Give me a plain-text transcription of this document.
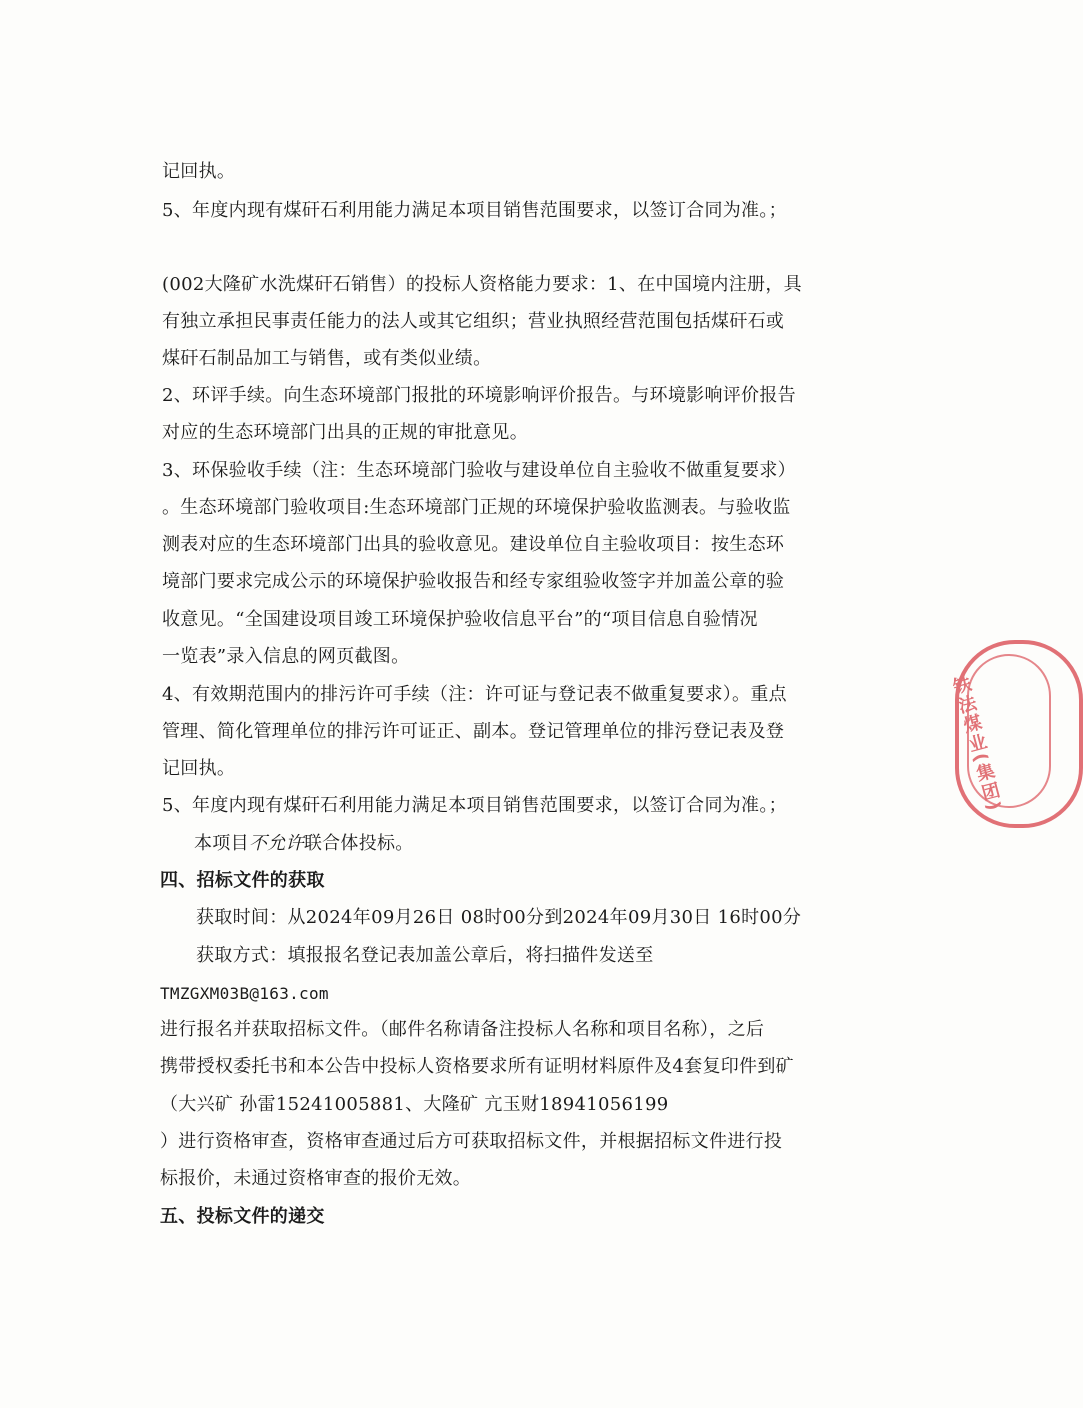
记回执。
5、年度内现有煤矸石利用能力满足本项目销售范围要求，以签订合同为准。；
(002大隆矿水洗煤矸石销售）的投标人资格能力要求：1、在中国境内注册，具
有独立承担民事责任能力的法人或其它组织；营业执照经营范围包括煤矸石或
煤矸石制品加工与销售，或有类似业绩。
2、环评手续。向生态环境部门报批的环境影响评价报告。与环境影响评价报告
对应的生态环境部门出具的正规的审批意见。
3、环保验收手续（注：生态环境部门验收与建设单位自主验收不做重复要求）
。生态环境部门验收项目:生态环境部门正规的环境保护验收监测表。与验收监
测表对应的生态环境部门出具的验收意见。建设单位自主验收项目：按生态环
境部门要求完成公示的环境保护验收报告和经专家组验收签字并加盖公章的验
收意见。“全国建设项目竣工环境保护验收信息平台”的“项目信息自验情况
一览表”录入信息的网页截图。
4、有效期范围内的排污许可手续（注：许可证与登记表不做重复要求）。重点
管理、简化管理单位的排污许可证正、副本。登记管理单位的排污登记表及登
记回执。
5、年度内现有煤矸石利用能力满足本项目销售范围要求，以签订合同为准。；
本项目不允许联合体投标。
四、招标文件的获取
获取时间：从2024年09月26日 08时00分到2024年09月30日 16时00分
获取方式：填报报名登记表加盖公章后，将扫描件发送至
TMZGXM03B@163.com
进行报名并获取招标文件。（邮件名称请备注投标人名称和项目名称），之后
携带授权委托书和本公告中投标人资格要求所有证明材料原件及4套复印件到矿
（大兴矿 孙雷15241005881、大隆矿 亢玉财18941056199
）进行资格审查，资格审查通过后方可获取招标文件，并根据招标文件进行投
标报价，未通过资格审查的报价无效。
五、投标文件的递交
铁法煤业(集团)
